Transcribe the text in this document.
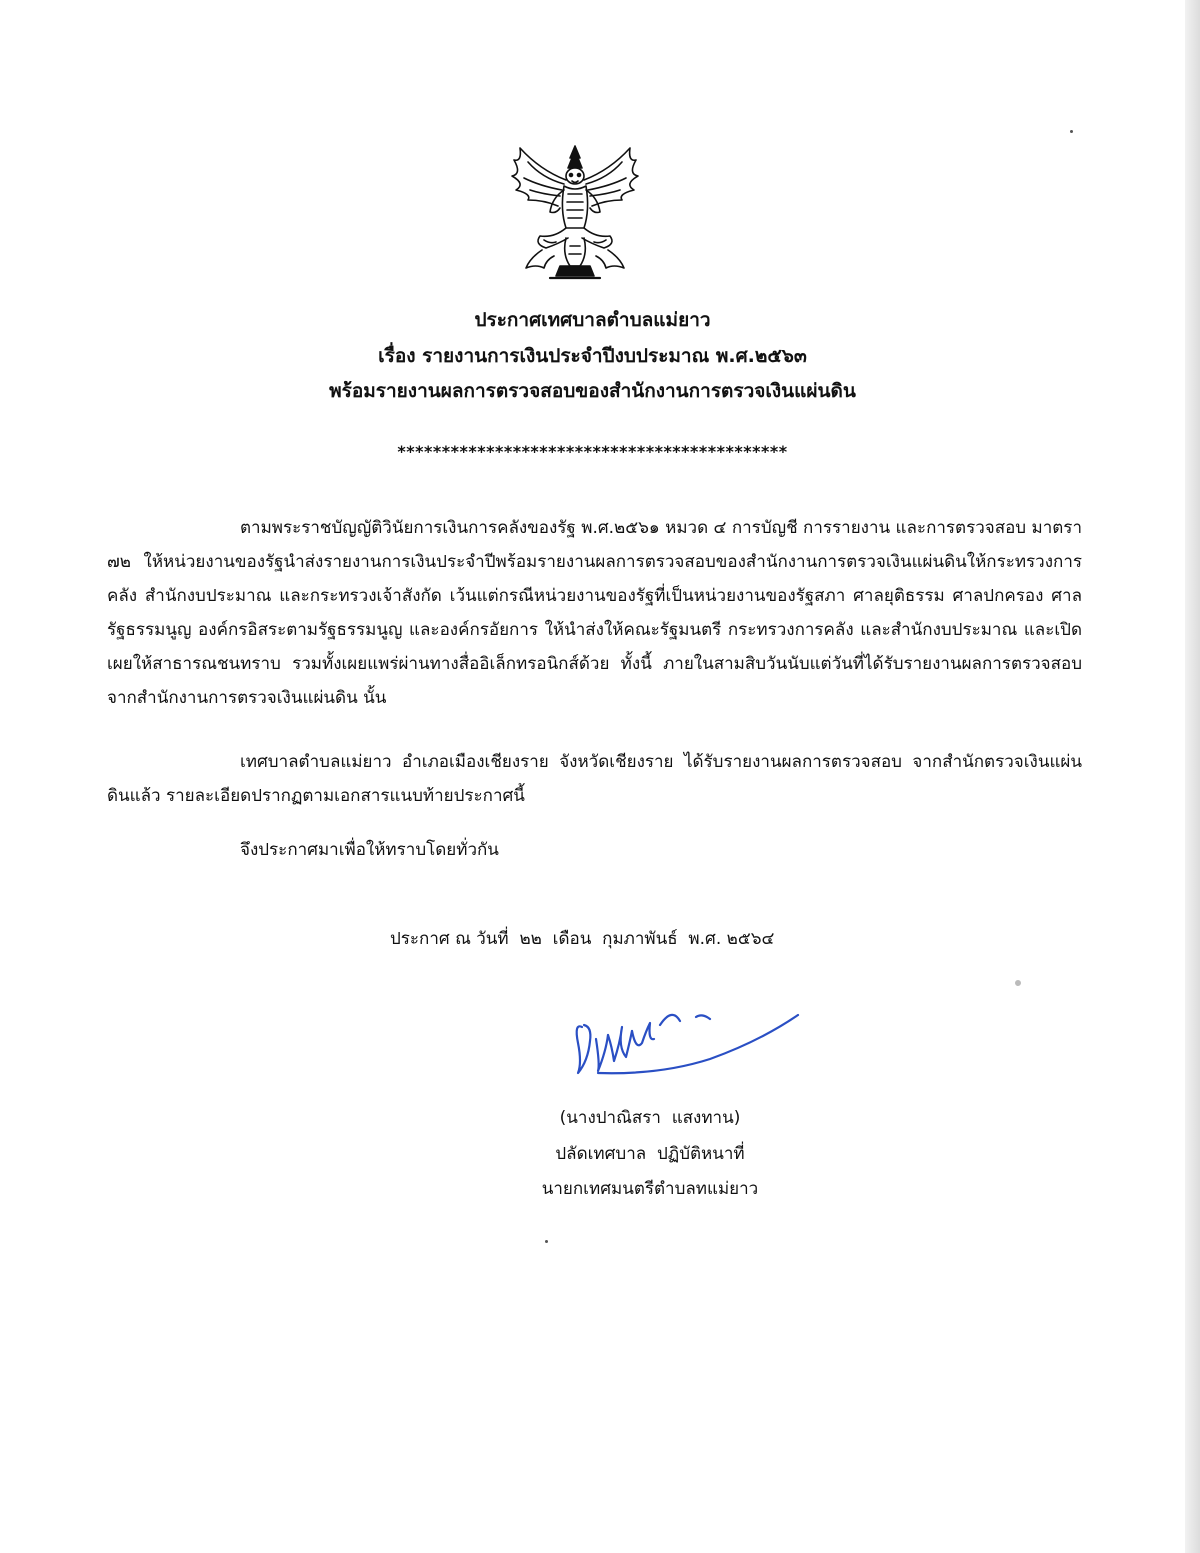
ประกาศเทศบาลตำบลแม่ยาว
เรื่อง รายงานการเงินประจำปีงบประมาณ พ.ศ.๒๕๖๓
พร้อมรายงานผลการตรวจสอบของสำนักงานการตรวจเงินแผ่นดิน
********************************************

ตามพระราชบัญญัติวินัยการเงินการคลังของรัฐ พ.ศ.๒๕๖๑ หมวด ๔ การบัญชี การรายงาน และการตรวจสอบ มาตรา ๗๒ ให้หน่วยงานของรัฐนำส่งรายงานการเงินประจำปีพร้อมรายงานผลการตรวจสอบของสำนักงานการตรวจเงินแผ่นดินให้กระทรวงการคลัง สำนักงบประมาณ และกระทรวงเจ้าสังกัด เว้นแต่กรณีหน่วยงานของรัฐที่เป็นหน่วยงานของรัฐสภา ศาลยุติธรรม ศาลปกครอง ศาลรัฐธรรมนูญ องค์กรอิสระตามรัฐธรรมนูญ และองค์กรอัยการ ให้นำส่งให้คณะรัฐมนตรี กระทรวงการคลัง และสำนักงบประมาณ และเปิดเผยให้สาธารณชนทราบ รวมทั้งเผยแพร่ผ่านทางสื่ออิเล็กทรอนิกส์ด้วย ทั้งนี้ ภายในสามสิบวันนับแต่วันที่ได้รับรายงานผลการตรวจสอบจากสำนักงานการตรวจเงินแผ่นดิน นั้น

เทศบาลตำบลแม่ยาว อำเภอเมืองเชียงราย จังหวัดเชียงราย ได้รับรายงานผลการตรวจสอบ จากสำนักตรวจเงินแผ่นดินแล้ว รายละเอียดปรากฏตามเอกสารแนบท้ายประกาศนี้

จึงประกาศมาเพื่อให้ทราบโดยทั่วกัน

ประกาศ ณ วันที่  ๒๒  เดือน  กุมภาพันธ์  พ.ศ. ๒๕๖๔
(นางปาณิสรา  แสงทาน)
ปลัดเทศบาล  ปฏิบัติหนาที่
นายกเทศมนตรีตำบลทแม่ยาว
